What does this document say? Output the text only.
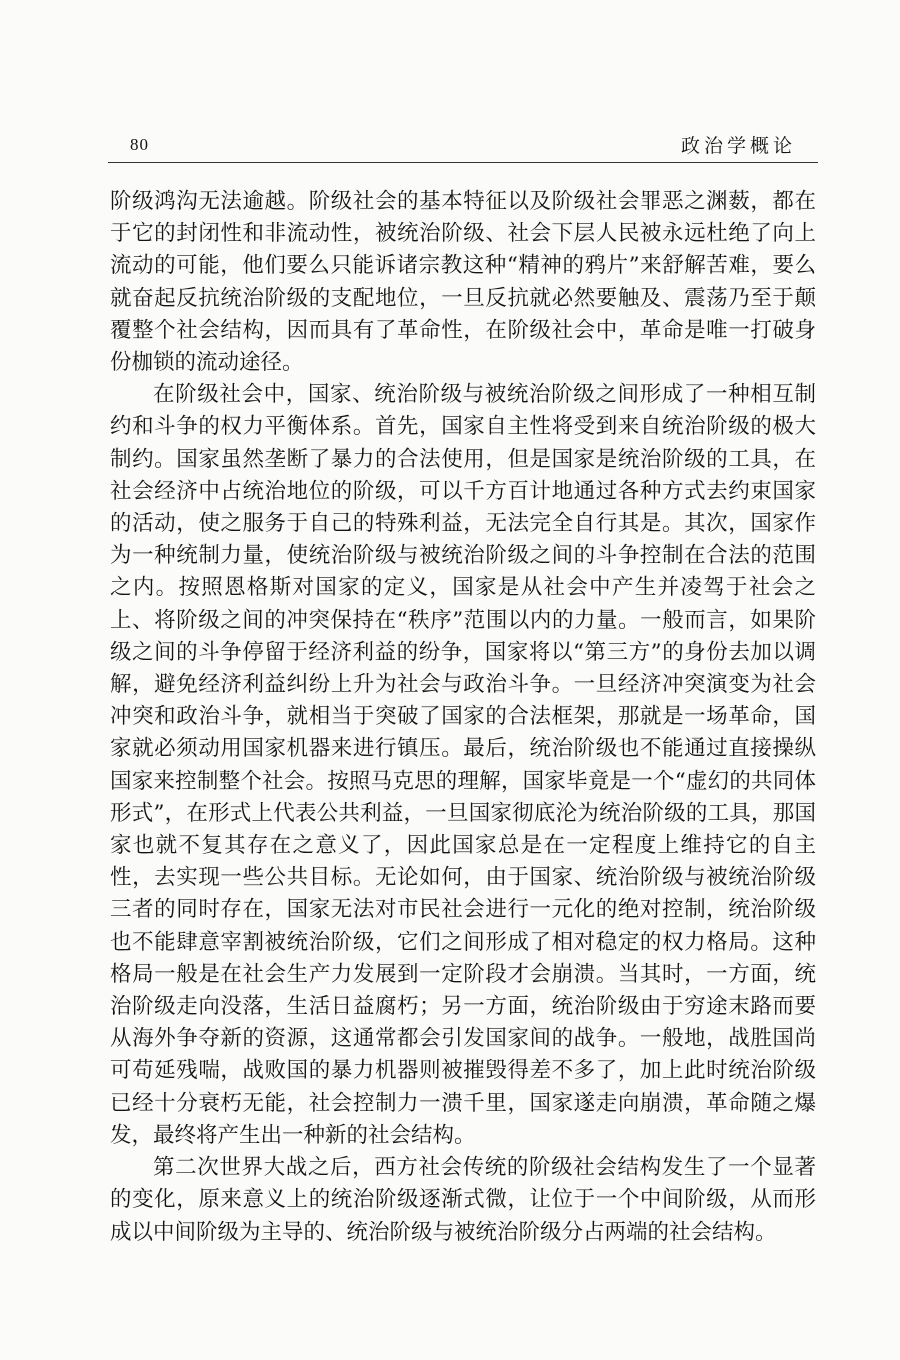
80	政治学概论

阶级鸿沟无法逾越。阶级社会的基本特征以及阶级社会罪恶之渊薮，都在于它的封闭性和非流动性，被统治阶级、社会下层人民被永远杜绝了向上流动的可能，他们要么只能诉诸宗教这种“精神的鸦片”来舒解苦难，要么就奋起反抗统治阶级的支配地位，一旦反抗就必然要触及、震荡乃至于颠覆整个社会结构，因而具有了革命性，在阶级社会中，革命是唯一打破身份枷锁的流动途径。

在阶级社会中，国家、统治阶级与被统治阶级之间形成了一种相互制约和斗争的权力平衡体系。首先，国家自主性将受到来自统治阶级的极大制约。国家虽然垄断了暴力的合法使用，但是国家是统治阶级的工具，在社会经济中占统治地位的阶级，可以千方百计地通过各种方式去约束国家的活动，使之服务于自己的特殊利益，无法完全自行其是。其次，国家作为一种统制力量，使统治阶级与被统治阶级之间的斗争控制在合法的范围之内。按照恩格斯对国家的定义，国家是从社会中产生并凌驾于社会之上、将阶级之间的冲突保持在“秩序”范围以内的力量。一般而言，如果阶级之间的斗争停留于经济利益的纷争，国家将以“第三方”的身份去加以调解，避免经济利益纠纷上升为社会与政治斗争。一旦经济冲突演变为社会冲突和政治斗争，就相当于突破了国家的合法框架，那就是一场革命，国家就必须动用国家机器来进行镇压。最后，统治阶级也不能通过直接操纵国家来控制整个社会。按照马克思的理解，国家毕竟是一个“虚幻的共同体形式”，在形式上代表公共利益，一旦国家彻底沦为统治阶级的工具，那国家也就不复其存在之意义了，因此国家总是在一定程度上维持它的自主性，去实现一些公共目标。无论如何，由于国家、统治阶级与被统治阶级三者的同时存在，国家无法对市民社会进行一元化的绝对控制，统治阶级也不能肆意宰割被统治阶级，它们之间形成了相对稳定的权力格局。这种格局一般是在社会生产力发展到一定阶段才会崩溃。当其时，一方面，统治阶级走向没落，生活日益腐朽；另一方面，统治阶级由于穷途末路而要从海外争夺新的资源，这通常都会引发国家间的战争。一般地，战胜国尚可苟延残喘，战败国的暴力机器则被摧毁得差不多了，加上此时统治阶级已经十分衰朽无能，社会控制力一溃千里，国家遂走向崩溃，革命随之爆发，最终将产生出一种新的社会结构。

第二次世界大战之后，西方社会传统的阶级社会结构发生了一个显著的变化，原来意义上的统治阶级逐渐式微，让位于一个中间阶级，从而形成以中间阶级为主导的、统治阶级与被统治阶级分占两端的社会结构。
